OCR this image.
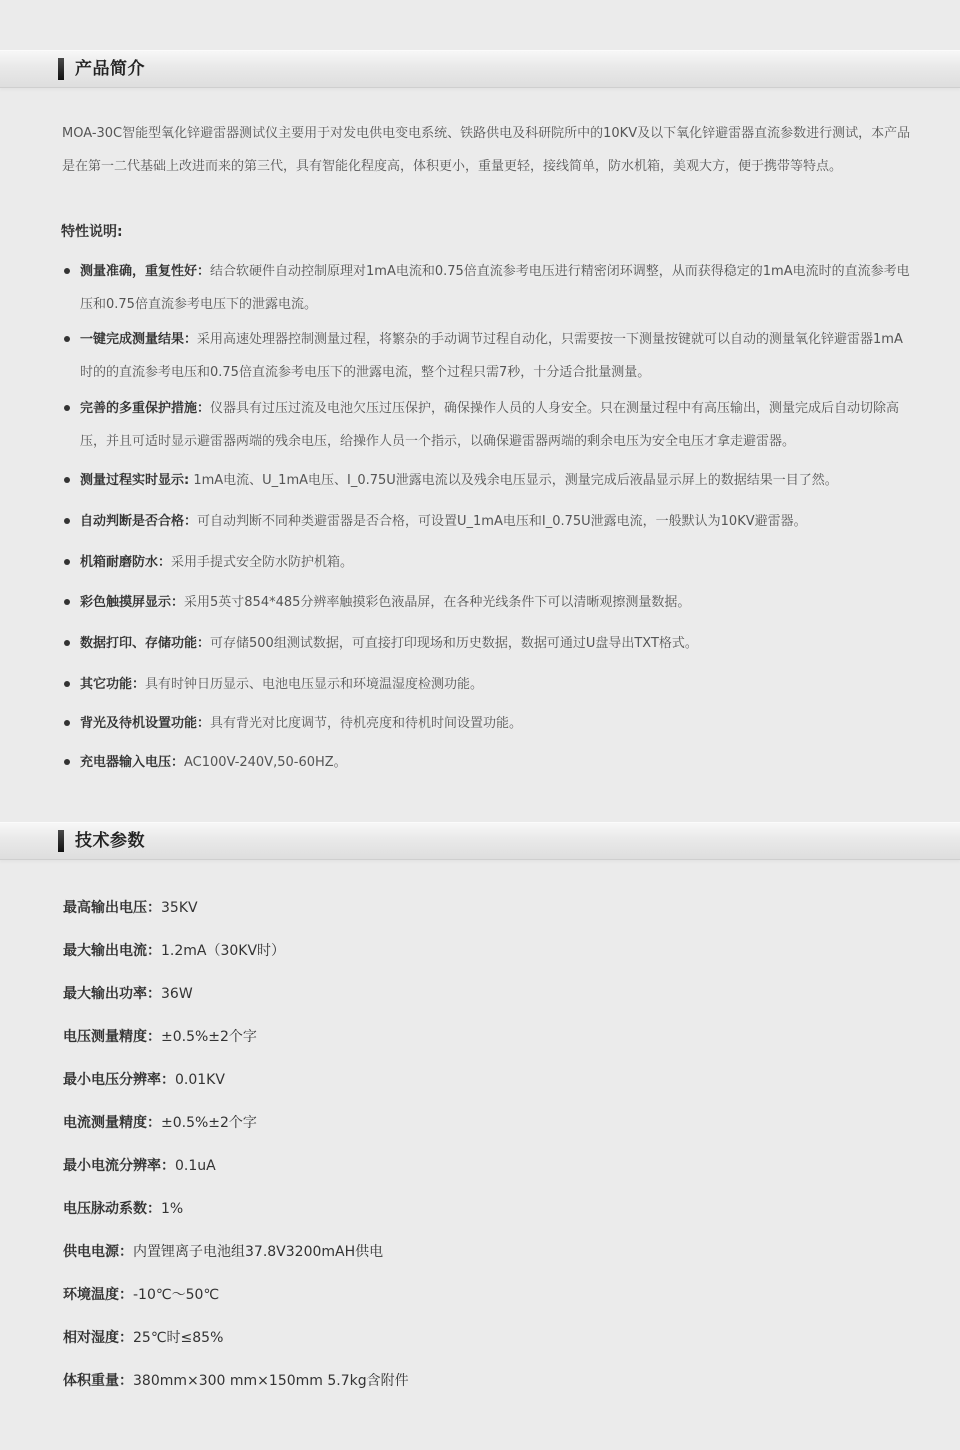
产品简介

MOA-30C智能型氧化锌避雷器测试仪主要用于对发电供电变电系统、铁路供电及科研院所中的10KV及以下氧化锌避雷器直流参数进行测试，本产品是在第一二代基础上改进而来的第三代，具有智能化程度高，体积更小，重量更轻，接线简单，防水机箱，美观大方，便于携带等特点。

特性说明:
测量准确，重复性好：结合软硬件自动控制原理对1mA电流和0.75倍直流参考电压进行精密闭环调整，从而获得稳定的1mA电流时的直流参考电压和0.75倍直流参考电压下的泄露电流。
一键完成测量结果：采用高速处理器控制测量过程，将繁杂的手动调节过程自动化，只需要按一下测量按键就可以自动的测量氧化锌避雷器1mA时的的直流参考电压和0.75倍直流参考电压下的泄露电流，整个过程只需7秒，十分适合批量测量。
完善的多重保护措施：仪器具有过压过流及电池欠压过压保护，确保操作人员的人身安全。只在测量过程中有高压输出，测量完成后自动切除高压，并且可适时显示避雷器两端的残余电压，给操作人员一个指示，以确保避雷器两端的剩余电压为安全电压才拿走避雷器。
测量过程实时显示: 1mA电流、U_1mA电压、I_0.75U泄露电流以及残余电压显示，测量完成后液晶显示屏上的数据结果一目了然。
自动判断是否合格：可自动判断不同种类避雷器是否合格，可设置U_1mA电压和I_0.75U泄露电流，一般默认为10KV避雷器。
机箱耐磨防水：采用手提式安全防水防护机箱。
彩色触摸屏显示：采用5英寸854*485分辨率触摸彩色液晶屏，在各种光线条件下可以清晰观擦测量数据。
数据打印、存储功能：可存储500组测试数据，可直接打印现场和历史数据，数据可通过U盘导出TXT格式。
其它功能：具有时钟日历显示、电池电压显示和环境温湿度检测功能。
背光及待机设置功能：具有背光对比度调节，待机亮度和待机时间设置功能。
充电器输入电压：AC100V-240V,50-60HZ。
技术参数
最高输出电压：35KV
最大输出电流：1.2mA（30KV时）
最大输出功率：36W
电压测量精度：±0.5%±2个字
最小电压分辨率：0.01KV
电流测量精度：±0.5%±2个字
最小电流分辨率：0.1uA
电压脉动系数：1%
供电电源：内置锂离子电池组37.8V3200mAH供电
环境温度：-10℃～50℃
相对湿度：25℃时≤85%
体积重量：380mm×300 mm×150mm 5.7kg含附件
